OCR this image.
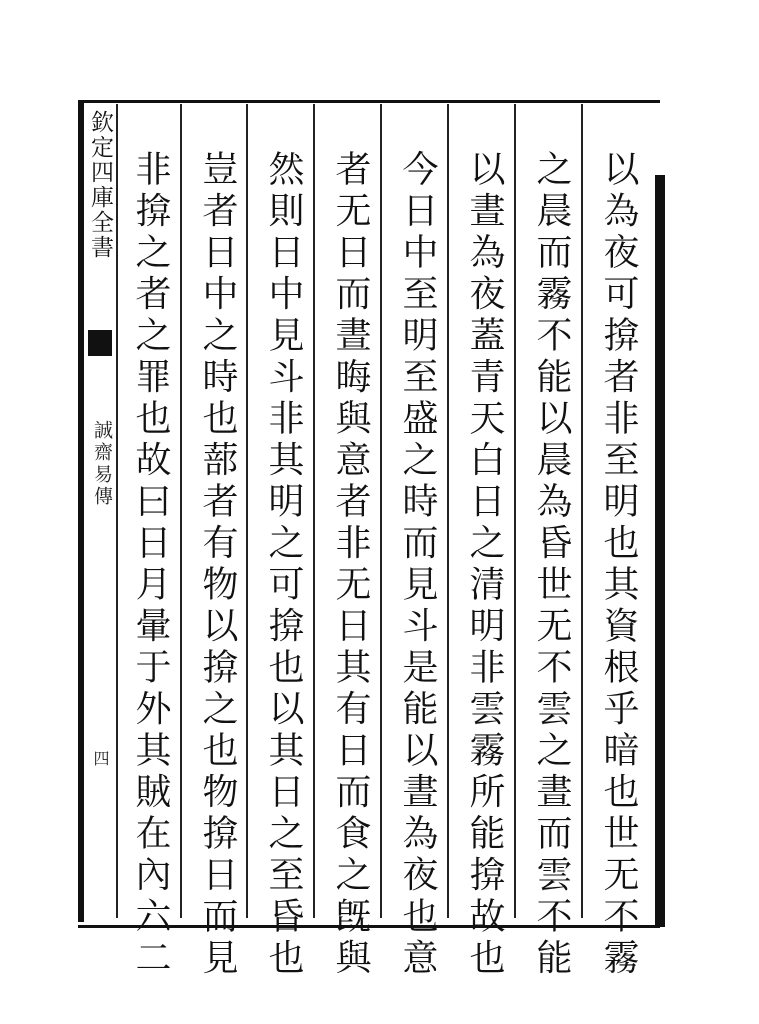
欽定四庫全書
誠齋易傳
四	以為夜可揜者非至明也其資根乎暗也世无不霧
之晨而霧不能以晨為昏世无不雲之晝而雲不能
以晝為夜蓋青天白日之清明非雲霧所能揜故也
今日中至明至盛之時而見斗是能以晝為夜也意
者无日而晝晦與意者非无日其有日而食之旣與
然則日中見斗非其明之可揜也以其日之至昏也
豈者日中之時也蔀者有物以揜之也物揜日而見
非揜之者之罪也故曰日月暈于外其賊在內六二
